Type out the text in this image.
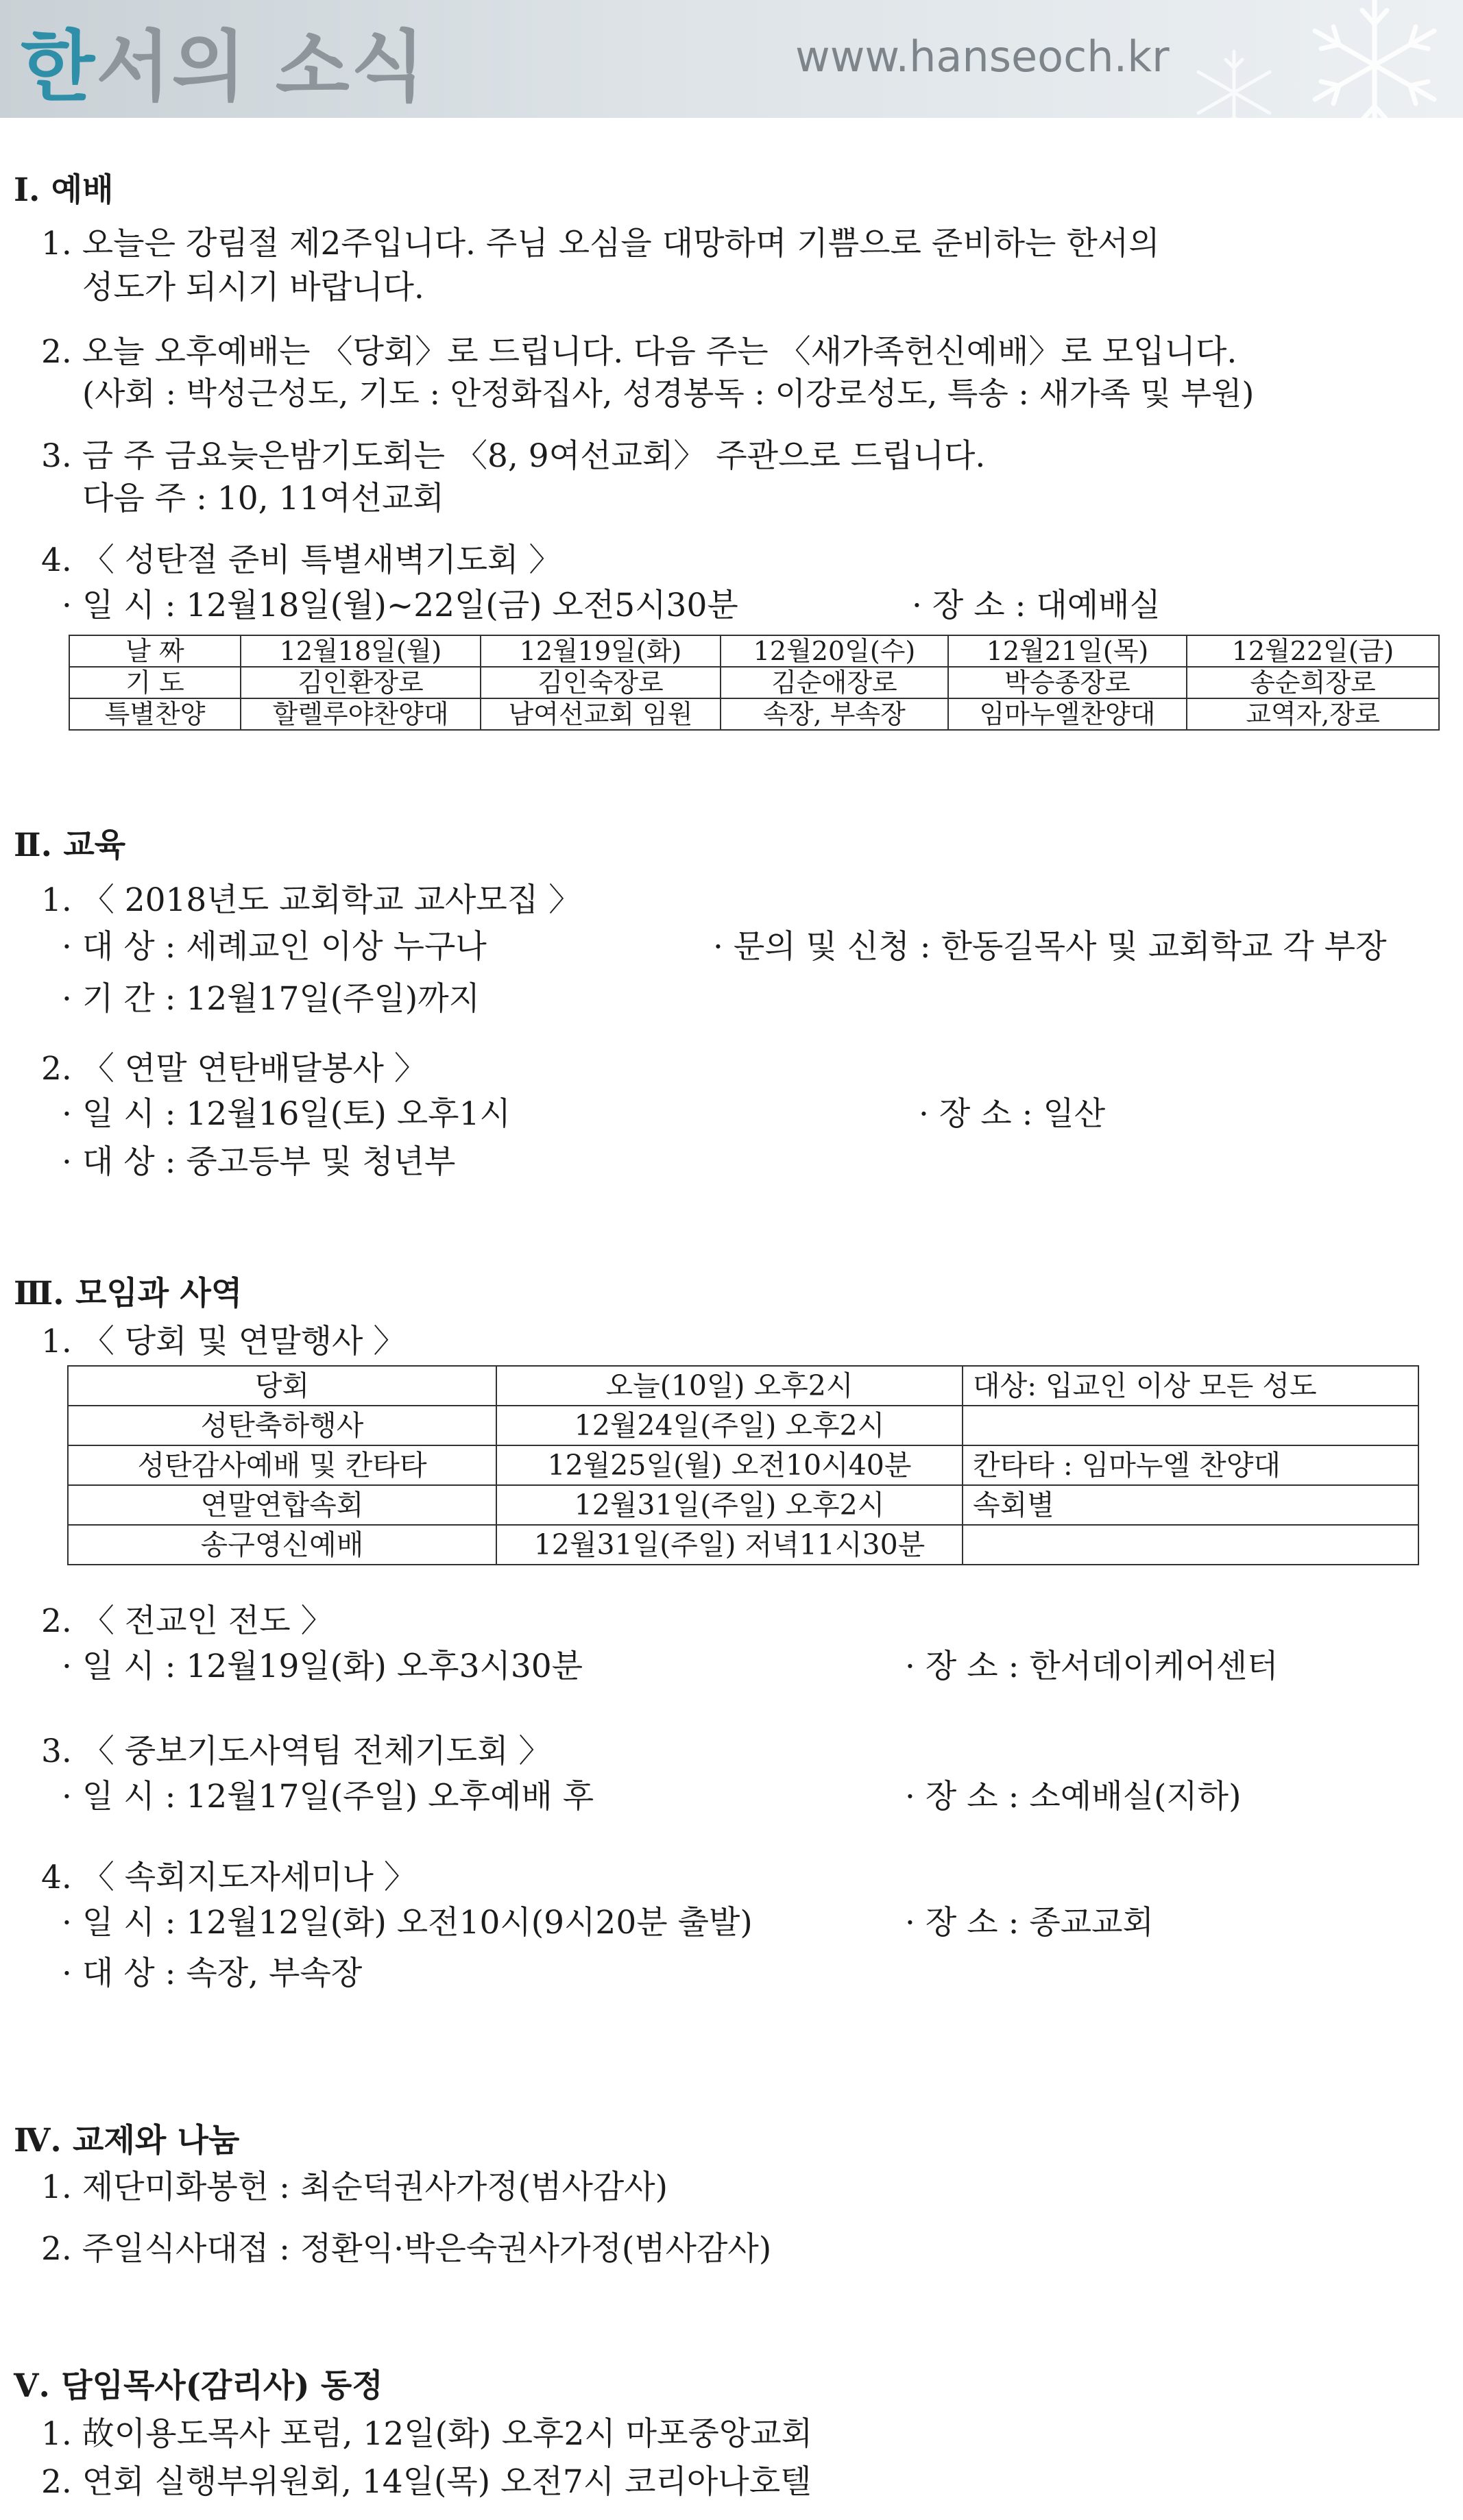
한서의 소식	www.hanseoch.kr
Ⅰ. 예배
1. 오늘은 강림절 제2주입니다. 주님 오심을 대망하며 기쁨으로 준비하는 한서의
성도가 되시기 바랍니다.
2. 오늘 오후예배는 〈당회〉로 드립니다. 다음 주는 〈새가족헌신예배〉로 모입니다.
(사회 : 박성근성도, 기도 : 안정화집사, 성경봉독 : 이강로성도, 특송 : 새가족 및 부원)
3. 금 주 금요늦은밤기도회는 〈8, 9여선교회〉 주관으로 드립니다.
다음 주 : 10, 11여선교회
4. 〈 성탄절 준비 특별새벽기도회 〉
· 일 시 : 12월18일(월)~22일(금) 오전5시30분	· 장 소 : 대예배실
날 짜	12월18일(월)	12월19일(화)	12월20일(수)	12월21일(목)	12월22일(금)
기 도	김인환장로	김인숙장로	김순애장로	박승종장로	송순희장로
특별찬양	할렐루야찬양대	남여선교회 임원	속장, 부속장	임마누엘찬양대	교역자,장로
Ⅱ. 교육
1. 〈 2018년도 교회학교 교사모집 〉
· 대 상 : 세례교인 이상 누구나	· 문의 및 신청 : 한동길목사 및 교회학교 각 부장
· 기 간 : 12월17일(주일)까지
2. 〈 연말 연탄배달봉사 〉
· 일 시 : 12월16일(토) 오후1시	· 장 소 : 일산
· 대 상 : 중고등부 및 청년부
Ⅲ. 모임과 사역
1. 〈 당회 및 연말행사 〉
당회	오늘(10일) 오후2시	대상: 입교인 이상 모든 성도
성탄축하행사	12월24일(주일) 오후2시	
성탄감사예배 및 칸타타	12월25일(월) 오전10시40분	칸타타 : 임마누엘 찬양대
연말연합속회	12월31일(주일) 오후2시	속회별
송구영신예배	12월31일(주일) 저녁11시30분	
2. 〈 전교인 전도 〉
· 일 시 : 12월19일(화) 오후3시30분	· 장 소 : 한서데이케어센터
3. 〈 중보기도사역팀 전체기도회 〉
· 일 시 : 12월17일(주일) 오후예배 후	· 장 소 : 소예배실(지하)
4. 〈 속회지도자세미나 〉
· 일 시 : 12월12일(화) 오전10시(9시20분 출발)	· 장 소 : 종교교회
· 대 상 : 속장, 부속장
Ⅳ. 교제와 나눔
1. 제단미화봉헌 : 최순덕권사가정(범사감사)
2. 주일식사대접 : 정환익·박은숙권사가정(범사감사)
Ⅴ. 담임목사(감리사) 동정
1. 故이용도목사 포럼, 12일(화) 오후2시 마포중앙교회
2. 연회 실행부위원회, 14일(목) 오전7시 코리아나호텔
